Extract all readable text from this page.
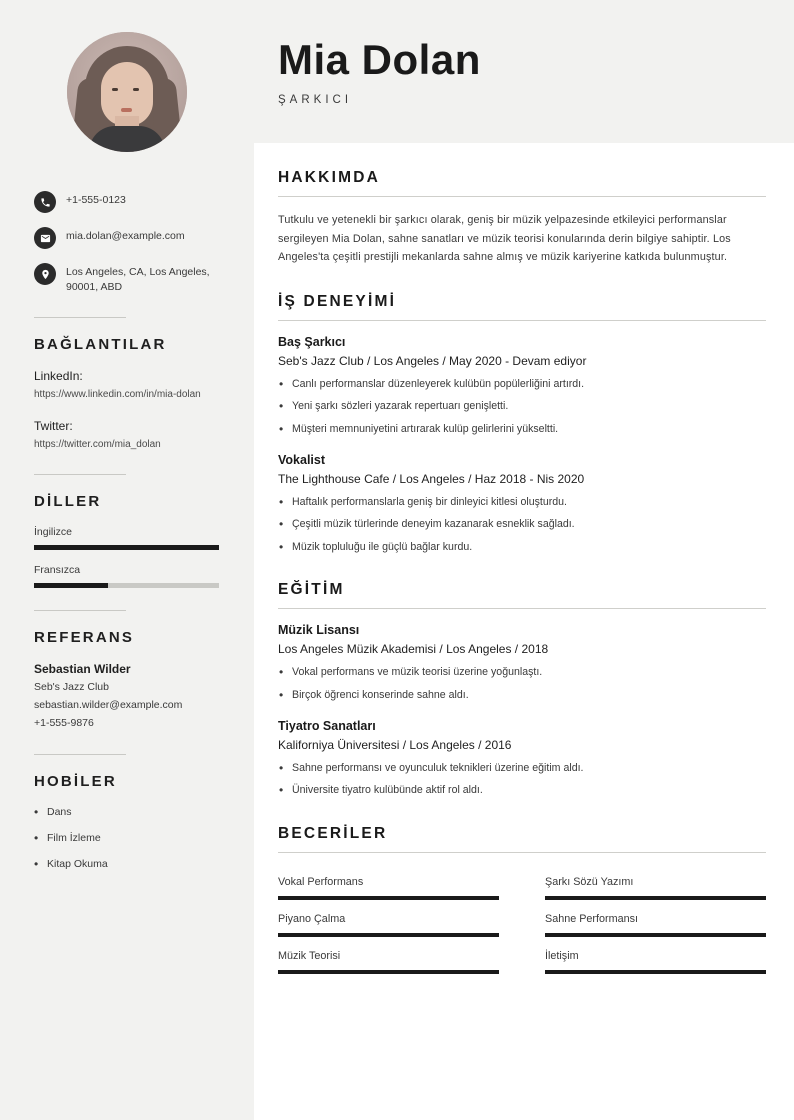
+1-555-0123
mia.dolan@example.com
Los Angeles, CA, Los Angeles, 90001, ABD
BAĞLANTILAR
LinkedIn:
https://www.linkedin.com/in/mia-dolan
Twitter:
https://twitter.com/mia_dolan
DİLLER
İngilizce
Fransızca
REFERANS
Sebastian Wilder
Seb's Jazz Club
sebastian.wilder@example.com
+1-555-9876
HOBİLER
• Dans
• Film İzleme
• Kitap Okuma
Mia Dolan
ŞARKICI
HAKKIMDA

Tutkulu ve yetenekli bir şarkıcı olarak, geniş bir müzik yelpazesinde etkileyici performanslar sergileyen Mia Dolan, sahne sanatları ve müzik teorisi konularında derin bilgiye sahiptir. Los Angeles'ta çeşitli prestijli mekanlarda sahne almış ve müzik kariyerine katkıda bulunmuştur.

İŞ DENEYİMİ
Baş Şarkıcı
Seb's Jazz Club / Los Angeles / May 2020 - Devam ediyor
• Canlı performanslar düzenleyerek kulübün popülerliğini artırdı.
• Yeni şarkı sözleri yazarak repertuarı genişletti.
• Müşteri memnuniyetini artırarak kulüp gelirlerini yükseltti.
Vokalist
The Lighthouse Cafe / Los Angeles / Haz 2018 - Nis 2020
• Haftalık performanslarla geniş bir dinleyici kitlesi oluşturdu.
• Çeşitli müzik türlerinde deneyim kazanarak esneklik sağladı.
• Müzik topluluğu ile güçlü bağlar kurdu.
EĞİTİM
Müzik Lisansı
Los Angeles Müzik Akademisi / Los Angeles / 2018
• Vokal performans ve müzik teorisi üzerine yoğunlaştı.
• Birçok öğrenci konserinde sahne aldı.
Tiyatro Sanatları
Kaliforniya Üniversitesi / Los Angeles / 2016
• Sahne performansı ve oyunculuk teknikleri üzerine eğitim aldı.
• Üniversite tiyatro kulübünde aktif rol aldı.
BECERİLER
Vokal Performans	Şarkı Sözü Yazımı
Piyano Çalma	Sahne Performansı
Müzik Teorisi	İletişim
